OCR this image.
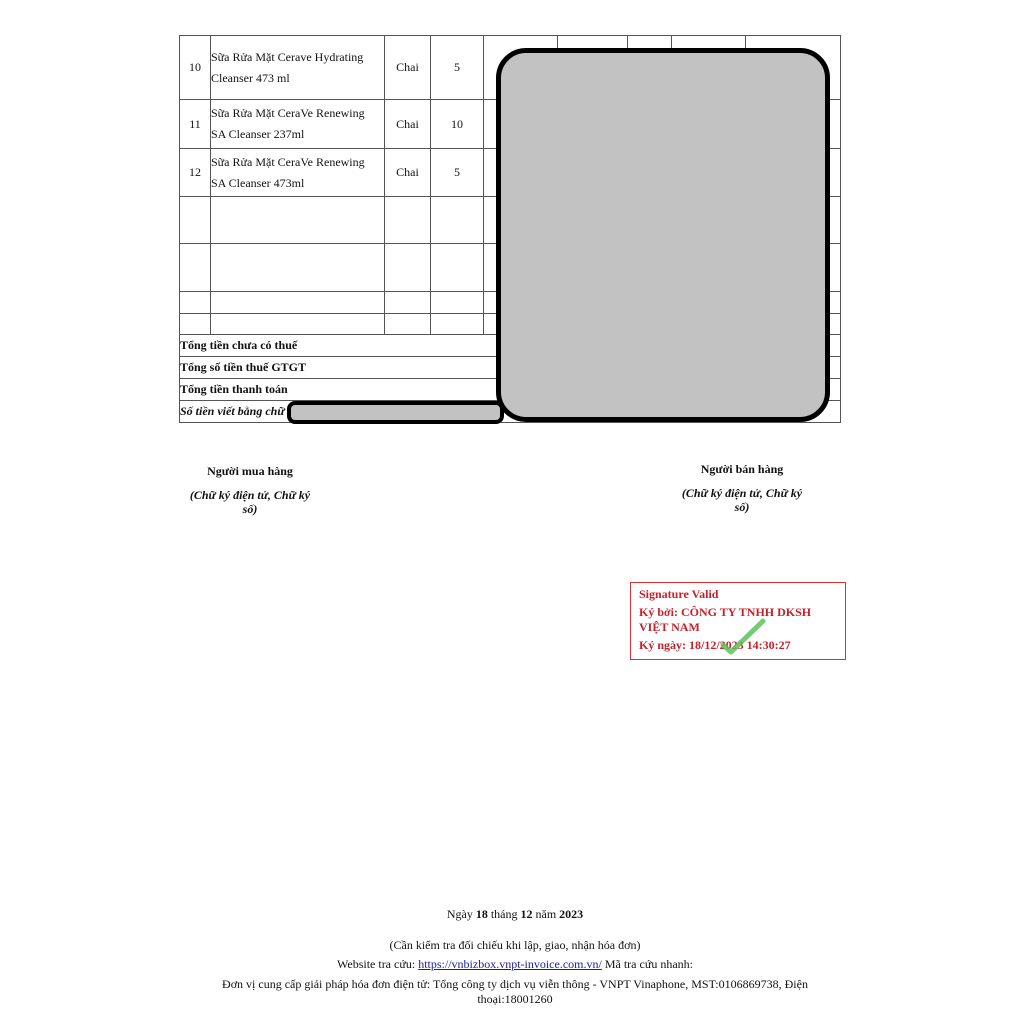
10	Sữa Rửa Mặt Cerave Hydrating
Cleanser 473 ml	Chai	5					
11	Sữa Rửa Mặt CeraVe Renewing
SA Cleanser 237ml	Chai	10					
12	Sữa Rửa Mặt CeraVe Renewing
SA Cleanser 473ml	Chai	5					

Tổng tiền chưa có thuế								
Tổng số tiền thuế GTGT								
Tổng tiền thanh toán								
Số tiền viết bằng chữ								
Người mua hàng
(Chữ ký điện tử, Chữ ký
số)
Người bán hàng
(Chữ ký điện tử, Chữ ký
số)
Signature Valid
Ký bởi: CÔNG TY TNHH DKSH
VIỆT NAM
Ký ngày: 18/12/2023 14:30:27
Ngày 18 tháng 12 năm 2023
(Cần kiểm tra đối chiếu khi lập, giao, nhận hóa đơn)
Website tra cứu: https://vnbizbox.vnpt-invoice.com.vn/ Mã tra cứu nhanh:
Đơn vị cung cấp giải pháp hóa đơn điện tử: Tổng công ty dịch vụ viễn thông - VNPT Vinaphone, MST:0106869738, Điện
thoại:18001260
